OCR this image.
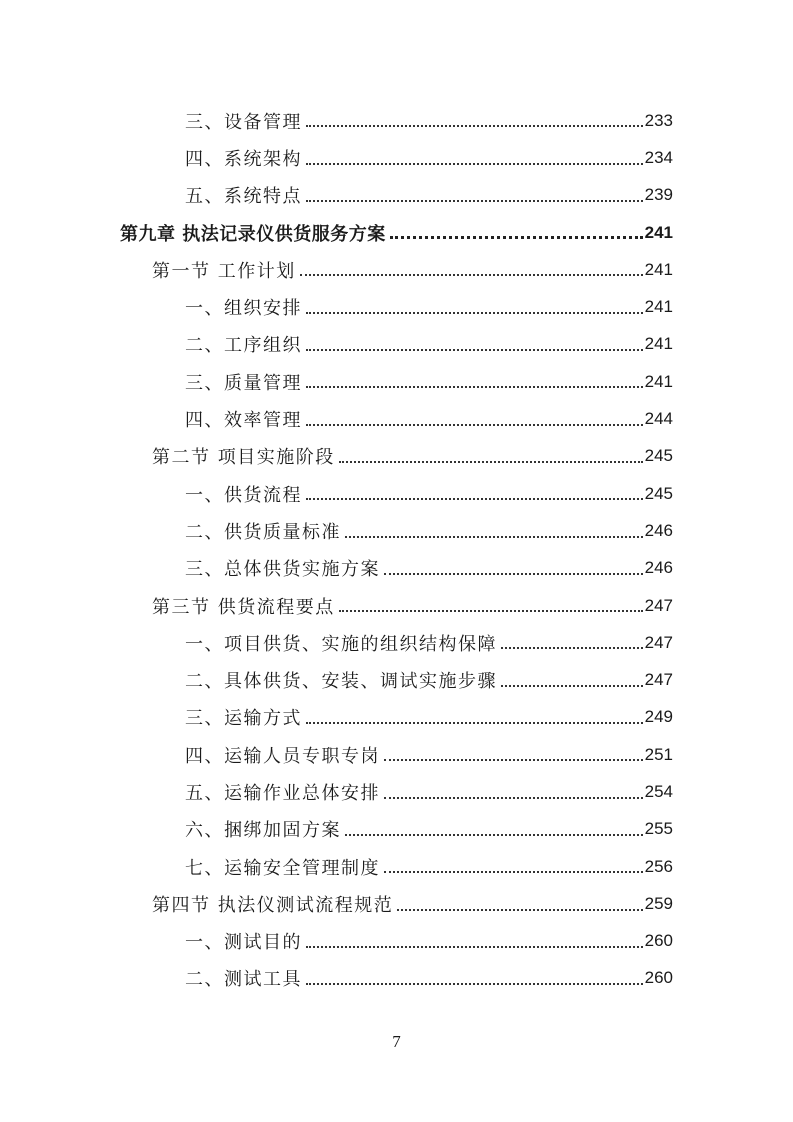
三、设备管理	233
四、系统架构	234
五、系统特点	239
第九章 执法记录仪供货服务方案	241
第一节 工作计划	241
一、组织安排	241
二、工序组织	241
三、质量管理	241
四、效率管理	244
第二节 项目实施阶段	245
一、供货流程	245
二、供货质量标准	246
三、总体供货实施方案	246
第三节 供货流程要点	247
一、项目供货、实施的组织结构保障	247
二、具体供货、安装、调试实施步骤	247
三、运输方式	249
四、运输人员专职专岗	251
五、运输作业总体安排	254
六、捆绑加固方案	255
七、运输安全管理制度	256
第四节 执法仪测试流程规范	259
一、测试目的	260
二、测试工具	260
7
